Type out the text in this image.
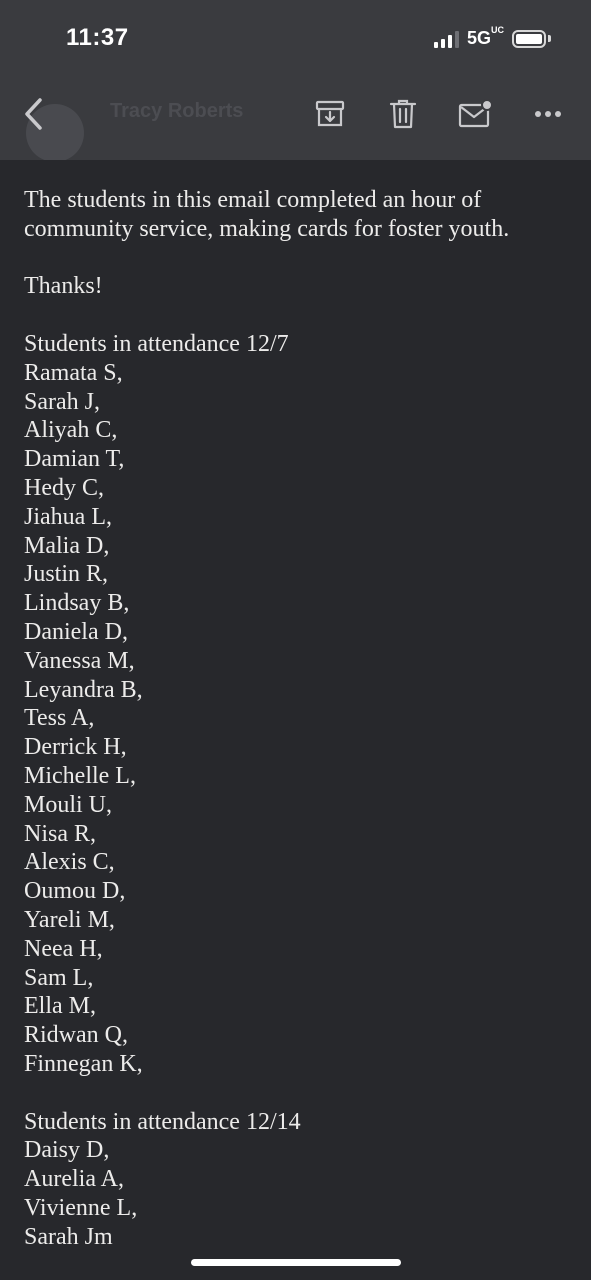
Tracy Roberts
11:37	$5G^{UC}$

The students in this email completed an hour of community service, making cards for foster youth.

Thanks!

Students in attendance 12/7

Ramata S,

Sarah J,

Aliyah C,

Damian T,

Hedy C,

Jiahua L,

Malia D,

Justin R,

Lindsay B,

Daniela D,

Vanessa M,

Leyandra B,

Tess A,

Derrick H,

Michelle L,

Mouli U,

Nisa R,

Alexis C,

Oumou D,

Yareli M,

Neea H,

Sam L,

Ella M,

Ridwan Q,

Finnegan K,

Students in attendance 12/14

Daisy D,

Aurelia A,

Vivienne L,

Sarah Jm
